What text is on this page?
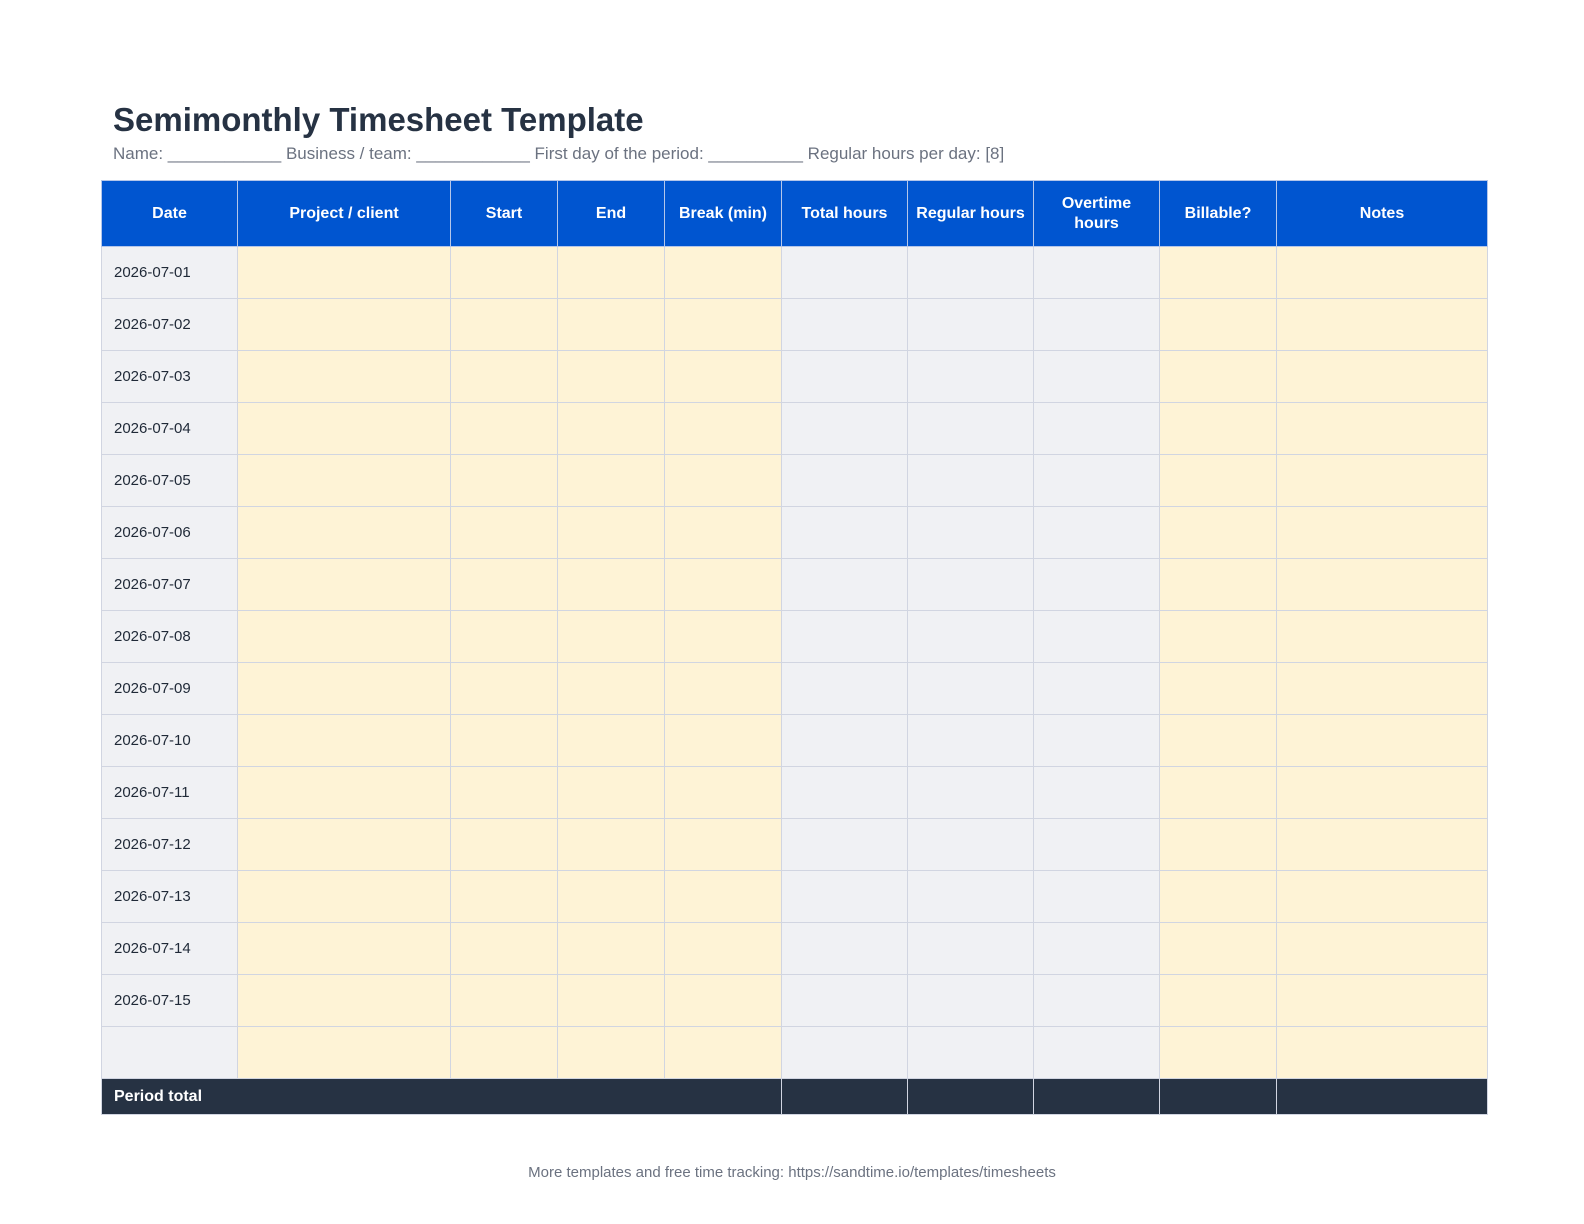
Semimonthly Timesheet Template
Name: ____________ Business / team: ____________ First day of the period: __________ Regular hours per day: [8]
Date	Project / client	Start	End	Break (min)	Total hours	Regular hours	Overtime hours	Billable?	Notes
2026-07-01									
2026-07-02									
2026-07-03									
2026-07-04									
2026-07-05									
2026-07-06									
2026-07-07									
2026-07-08									
2026-07-09									
2026-07-10									
2026-07-11									
2026-07-12									
2026-07-13									
2026-07-14									
2026-07-15									

Period total									
More templates and free time tracking: https://sandtime.io/templates/timesheets
